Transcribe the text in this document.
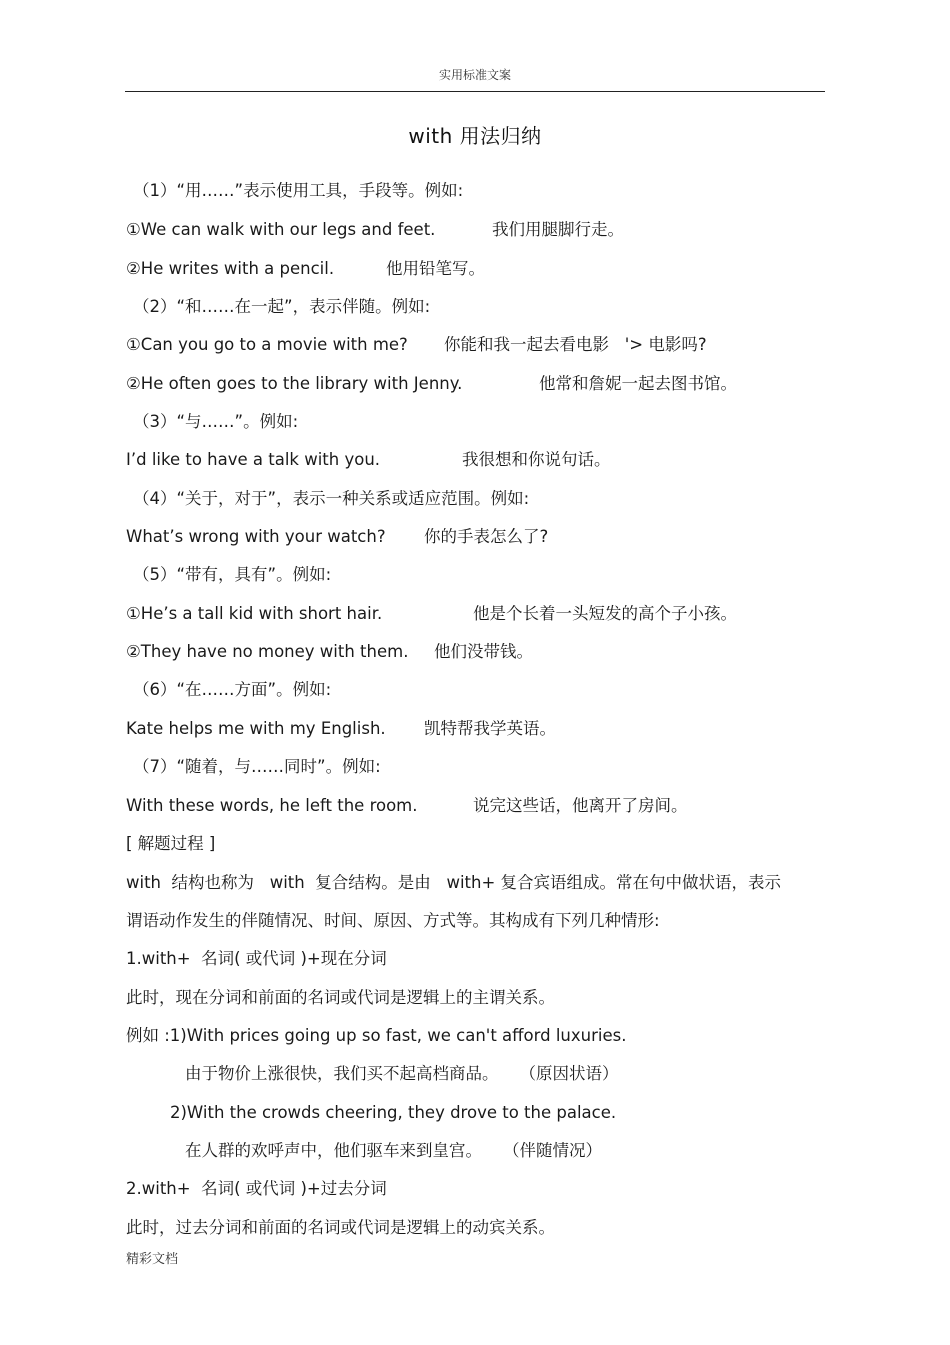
实用标准文案
with 用法归纳
（1）“用……”表示使用工具，手段等。例如:
①We can walk with our legs and feet.	我们用腿脚行走。
②He writes with a pencil.	他用铅笔写。
（2）“和……在一起”，表示伴随。例如:
①Can you go to a movie with me? 你能和我一起去看电影   '> 电影吗?
②He often goes to the library with Jenny.	他常和詹妮一起去图书馆。
（3）“与……”。例如:
I’d like to have a talk with you.	我很想和你说句话。
（4）“关于，对于”，表示一种关系或适应范围。例如:
What’s wrong with your watch? 你的手表怎么了?
（5）“带有，具有”。例如:
①He’s a tall kid with short hair.	他是个长着一头短发的高个子小孩。
②They have no money with them. 他们没带钱。
（6）“在……方面”。例如:
Kate helps me with my English. 凯特帮我学英语。
（7）“随着，与……同时”。例如:
With these words, he left the room.	说完这些话，他离开了房间。
[ 解题过程 ]
with  结构也称为   with  复合结构。是由   with+ 复合宾语组成。常在句中做状语，表示
谓语动作发生的伴随情况、时间、原因、方式等。其构成有下列几种情形:
1.with+  名词( 或代词 )+现在分词
此时，现在分词和前面的名词或代词是逻辑上的主谓关系。
例如 :1)With prices going up so fast, we can't afford luxuries.
由于物价上涨很快，我们买不起高档商品。    （原因状语）
2)With the crowds cheering, they drove to the palace.
在人群的欢呼声中，他们驱车来到皇宫。    （伴随情况）
2.with+  名词( 或代词 )+过去分词
此时，过去分词和前面的名词或代词是逻辑上的动宾关系。
精彩文档
